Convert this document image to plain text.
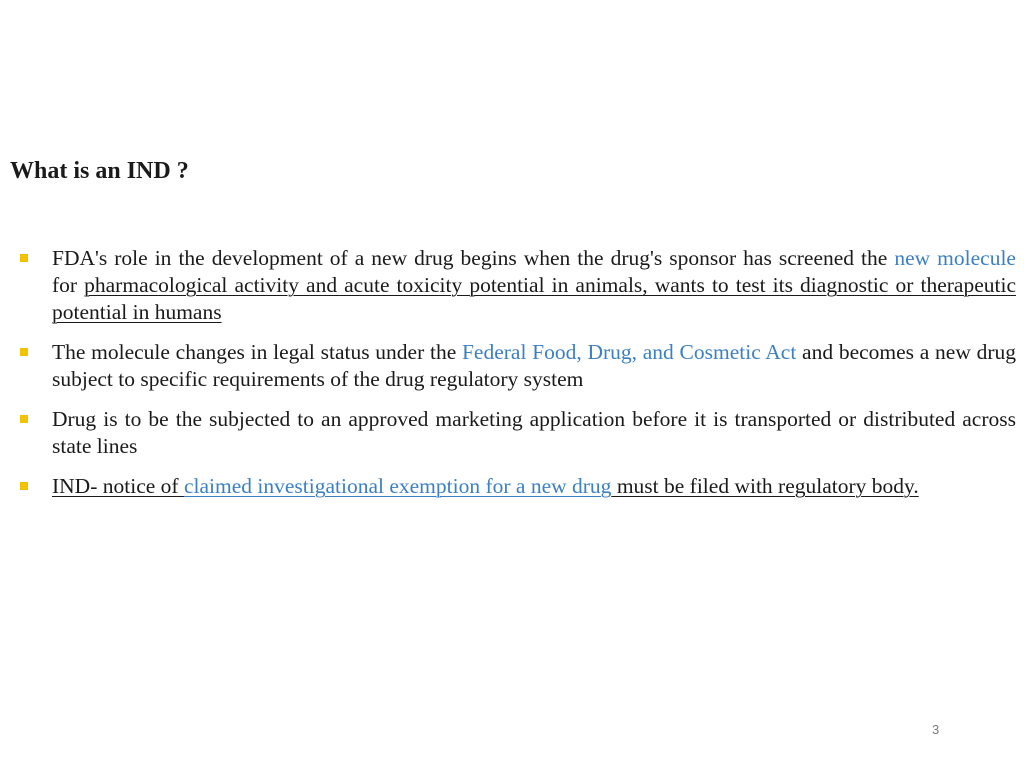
What is an IND ?
FDA's role in the development of a new drug begins when the drug's sponsor has screened the new molecule for pharmacological activity and acute toxicity potential in animals, wants to test its diagnostic or therapeutic potential in humans
The molecule changes in legal status under the Federal Food, Drug, and Cosmetic Act and becomes a new drug subject to specific requirements of the drug regulatory system
Drug is to be the subjected to an approved marketing application before it is transported or distributed across state lines
IND- notice of claimed investigational exemption for a new drug must be filed with regulatory body.
3
